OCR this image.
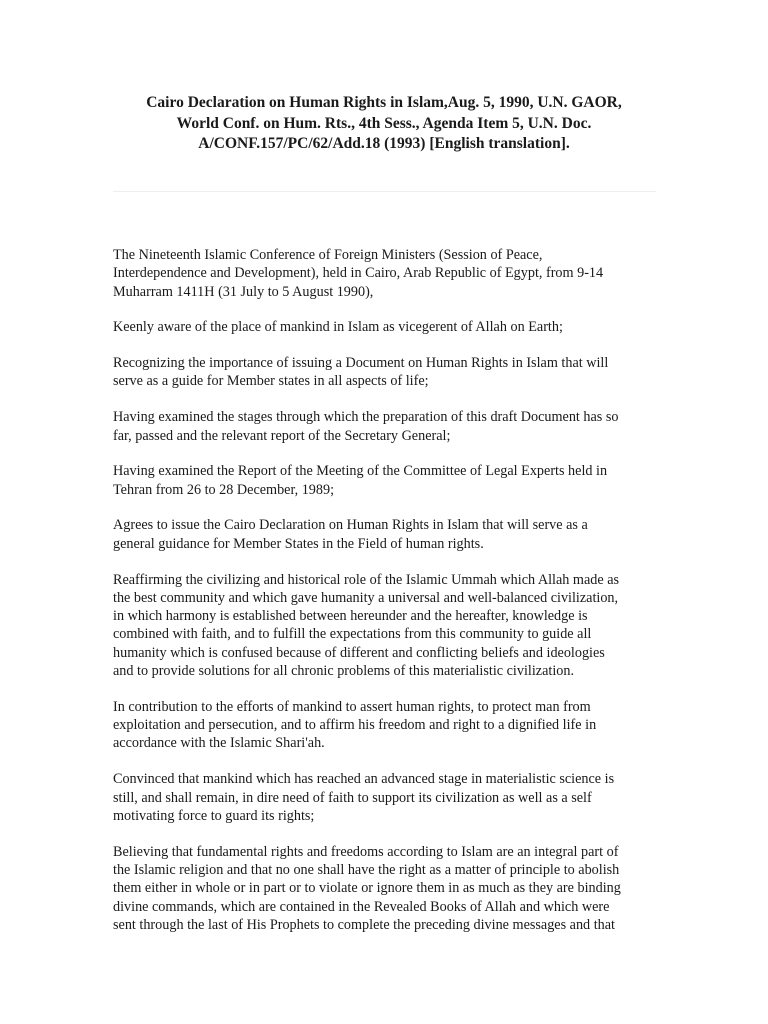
Cairo Declaration on Human Rights in Islam,Aug. 5, 1990, U.N. GAOR,
World Conf. on Hum. Rts., 4th Sess., Agenda Item 5, U.N. Doc.
A/CONF.157/PC/62/Add.18 (1993) [English translation].

The Nineteenth Islamic Conference of Foreign Ministers (Session of Peace,
Interdependence and Development), held in Cairo, Arab Republic of Egypt, from 9-14
Muharram 1411H (31 July to 5 August 1990),

Keenly aware of the place of mankind in Islam as vicegerent of Allah on Earth;

Recognizing the importance of issuing a Document on Human Rights in Islam that will
serve as a guide for Member states in all aspects of life;

Having examined the stages through which the preparation of this draft Document has so
far, passed and the relevant report of the Secretary General;

Having examined the Report of the Meeting of the Committee of Legal Experts held in
Tehran from 26 to 28 December, 1989;

Agrees to issue the Cairo Declaration on Human Rights in Islam that will serve as a
general guidance for Member States in the Field of human rights.

Reaffirming the civilizing and historical role of the Islamic Ummah which Allah made as
the best community and which gave humanity a universal and well-balanced civilization,
in which harmony is established between hereunder and the hereafter, knowledge is
combined with faith, and to fulfill the expectations from this community to guide all
humanity which is confused because of different and conflicting beliefs and ideologies
and to provide solutions for all chronic problems of this materialistic civilization.

In contribution to the efforts of mankind to assert human rights, to protect man from
exploitation and persecution, and to affirm his freedom and right to a dignified life in
accordance with the Islamic Shari'ah.

Convinced that mankind which has reached an advanced stage in materialistic science is
still, and shall remain, in dire need of faith to support its civilization as well as a self
motivating force to guard its rights;

Believing that fundamental rights and freedoms according to Islam are an integral part of
the Islamic religion and that no one shall have the right as a matter of principle to abolish
them either in whole or in part or to violate or ignore them in as much as they are binding
divine commands, which are contained in the Revealed Books of Allah and which were
sent through the last of His Prophets to complete the preceding divine messages and that
